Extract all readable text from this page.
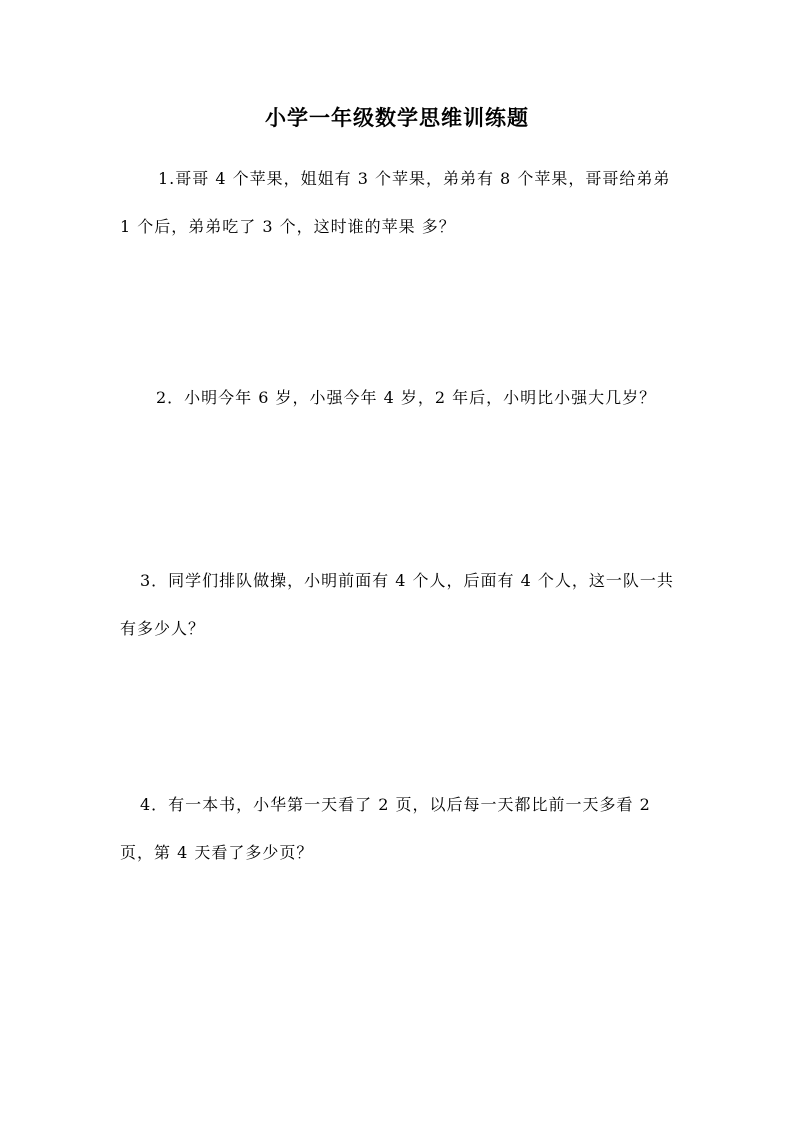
小学一年级数学思维训练题

1.哥哥 4 个苹果，姐姐有 3 个苹果，弟弟有 8 个苹果，哥哥给弟弟 1 个后，弟弟吃了 3 个，这时谁的苹果 多？

2．小明今年 6 岁，小强今年 4 岁，2 年后，小明比小强大几岁？

3．同学们排队做操，小明前面有 4 个人，后面有 4 个人，这一队一共有多少人？

4．有一本书，小华第一天看了 2 页，以后每一天都比前一天多看 2 页，第 4 天看了多少页？
